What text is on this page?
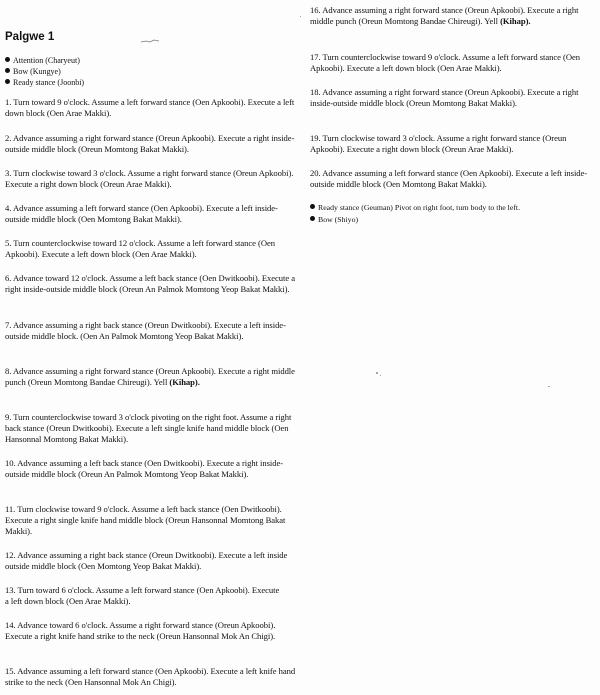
Palgwe 1
Attention (Charyeut)
Bow (Kungye)
Ready stance (Joonbi)
1. Turn toward 9 o'clock. Assume a left forward stance (Oen Apkoobi). Execute a left down block (Oen Arae Makki).
2. Advance assuming a right forward stance (Oreun Apkoobi). Execute a right inside-outside middle block (Oreun Momtong Bakat Makki).
3. Turn clockwise toward 3 o'clock. Assume a right forward stance (Oreun Apkoobi). Execute a right down block (Oreun Arae Makki).
4. Advance assuming a left forward stance (Oen Apkoobi). Execute a left inside-outside middle block (Oen Momtong Bakat Makki).
5. Turn counterclockwise toward 12 o'clock. Assume a left forward stance (Oen Apkoobi). Execute a left down block (Oen Arae Makki).
6. Advance toward 12 o'clock. Assume a left back stance (Oen Dwitkoobi). Execute a right inside-outside middle block (Oreun An Palmok Momtong Yeop Bakat Makki).
7. Advance assuming a right back stance (Oreun Dwitkoobi). Execute a left inside-outside middle block. (Oen An Palmok Momtong Yeop Bakat Makki).
8. Advance assuming a right forward stance (Oreun Apkoobi). Execute a right middle punch (Oreun Momtong Bandae Chireugi). Yell (Kihap).
9. Turn counterclockwise toward 3 o'clock pivoting on the right foot. Assume a right back stance (Oreun Dwitkoobi). Execute a left single knife hand middle block (Oen Hansonnal Momtong Bakat Makki).
10. Advance assuming a left back stance (Oen Dwitkoobi). Execute a right inside-outside middle block (Oreun An Palmok Momtong Yeop Bakat Makki).
11. Turn clockwise toward 9 o'clock. Assume a left back stance (Oen Dwitkoobi). Execute a right single knife hand middle block (Oreun Hansonnal Momtong Bakat Makki).
12. Advance assuming a right back stance (Oreun Dwitkoobi). Execute a left inside outside middle block (Oen Momtong Yeop Bakat Makki).
13. Turn toward 6 o'clock. Assume a left forward stance (Oen Apkoobi). Execute a left down block (Oen Arae Makki).
14. Advance toward 6 o'clock. Assume a right forward stance (Oreun Apkoobi). Execute a right knife hand strike to the neck (Oreun Hansonnal Mok An Chigi).
15. Advance assuming a left forward stance (Oen Apkoobi). Execute a left knife hand strike to the neck (Oen Hansonnal Mok An Chigi).
16. Advance assuming a right forward stance (Oreun Apkoobi). Execute a right middle punch (Oreun Momtong Bandae Chireugi). Yell (Kihap).
17. Turn counterclockwise toward 9 o'clock. Assume a left forward stance (Oen Apkoobi). Execute a left down block (Oen Arae Makki).
18. Advance assuming a right forward stance (Oreun Apkoobi). Execute a right inside-outside middle block (Oreun Momtong Bakat Makki).
19. Turn clockwise toward 3 o'clock. Assume a right forward stance (Oreun Apkoobi). Execute a right down block (Oreun Arae Makki).
20. Advance assuming a left forward stance (Oen Apkoobi). Execute a left inside-outside middle block (Oen Momtong Bakat Makki).
Ready stance (Geuman) Pivot on right foot, turn body to the left.
Bow (Shiyo)
